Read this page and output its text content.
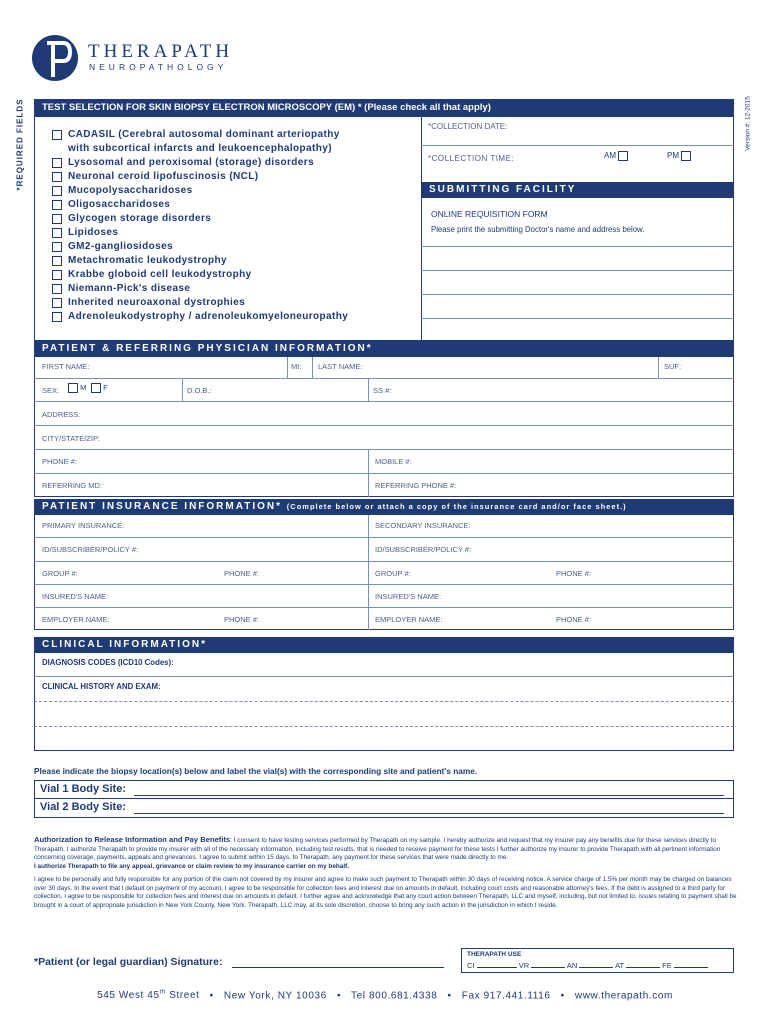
THERAPATH
NEUROPATHOLOGY
*REQUIRED FIELDS	Version #: 12-2015
TEST SELECTION FOR SKIN BIOPSY ELECTRON MICROSCOPY (EM) * (Please check all that apply)
CADASIL (Cerebral autosomal dominant arteriopathy
with subcortical infarcts and leukoencephalopathy)
Lysosomal and peroxisomal (storage) disorders
Neuronal ceroid lipofuscinosis (NCL)
Mucopolysaccharidoses
Oligosaccharidoses
Glycogen storage disorders
Lipidoses
GM2-gangliosidoses
Metachromatic leukodystrophy
Krabbe globoid cell leukodystrophy
Niemann-Pick's disease
Inherited neuroaxonal dystrophies
Adrenoleukodystrophy / adrenoleukomyeloneuropathy
*COLLECTION DATE:
*COLLECTION TIME:	AM	PM
SUBMITTING FACILITY
ONLINE REQUISITION FORM
Please print the submitting Doctor's name and address below.
PATIENT & REFERRING PHYSICIAN INFORMATION*
FIRST NAME:	MI: LAST NAME:	SUF:
SEX:	M	F	D.O.B.:	SS #:
ADDRESS:
CITY/STATE/ZIP:
PHONE #:	MOBILE #:
REFERRING MD:	REFERRING PHONE #:
PATIENT INSURANCE INFORMATION* (Complete below or attach a copy of the insurance card and/or face sheet.)
PRIMARY INSURANCE:	SECONDARY INSURANCE:
ID/SUBSCRIBER/POLICY #:	ID/SUBSCRIBER/POLICY #:
GROUP #:	PHONE #:	GROUP #:	PHONE #:
INSURED'S NAME:	INSURED'S NAME:
EMPLOYER NAME:	PHONE #:	EMPLOYER NAME:	PHONE #:
CLINICAL INFORMATION*
DIAGNOSIS CODES (ICD10 Codes):
CLINICAL HISTORY AND EXAM:
Please indicate the biopsy location(s) below and label the vial(s) with the corresponding site and patient's name.
Vial 1 Body Site:
Vial 2 Body Site:
Authorization to Release Information and Pay Benefits: I consent to have testing services performed by Therapath on my sample. I hereby authorize and request that my insurer pay any benefits due for these services directly to Therapath. I authorize Therapath to provide my insurer with all of the necessary information, including test results, that is needed to receive payment for these tests I further authorize my insurer to provide Therapath with all pertinent information concerning coverage, payments, appeals and grievances. I agree to submit within 15 days, to Therapath, any payment for these services that were made directly to me.
I authorize Therapath to file any appeal, grievance or claim review to my insurance carrier on my behalf.
I agree to be personally and fully responsible for any portion of the claim not covered by my insurer and agree to make such payment to Therapath within 30 days of receiving notice. A service charge of 1.5% per month may be charged on balances over 30 days. In the event that I default on payment of my account, I agree to be responsible for collection fees and interest due on amounts in default, including court costs and reasonable attorney's fees. If the debt is assigned to a third party for collection, I agree to be responsible for collection fees and interest due on amounts in default. I further agree and acknowledge that any court action between Therapath, LLC and myself, including, but not limited to, issues relating to payment shall be brought in a court of appropriate jurisdiction in New York County, New York. Therapath, LLC may, at its sole discretion, choose to bring any such action in the jurisdiction in which I reside.
*Patient (or legal guardian) Signature:
THERAPATH USE
CI	VR	AN	AT	FE
545 West 45th Street • New York, NY 10036 • Tel 800.681.4338 • Fax 917.441.1116 • www.therapath.com
